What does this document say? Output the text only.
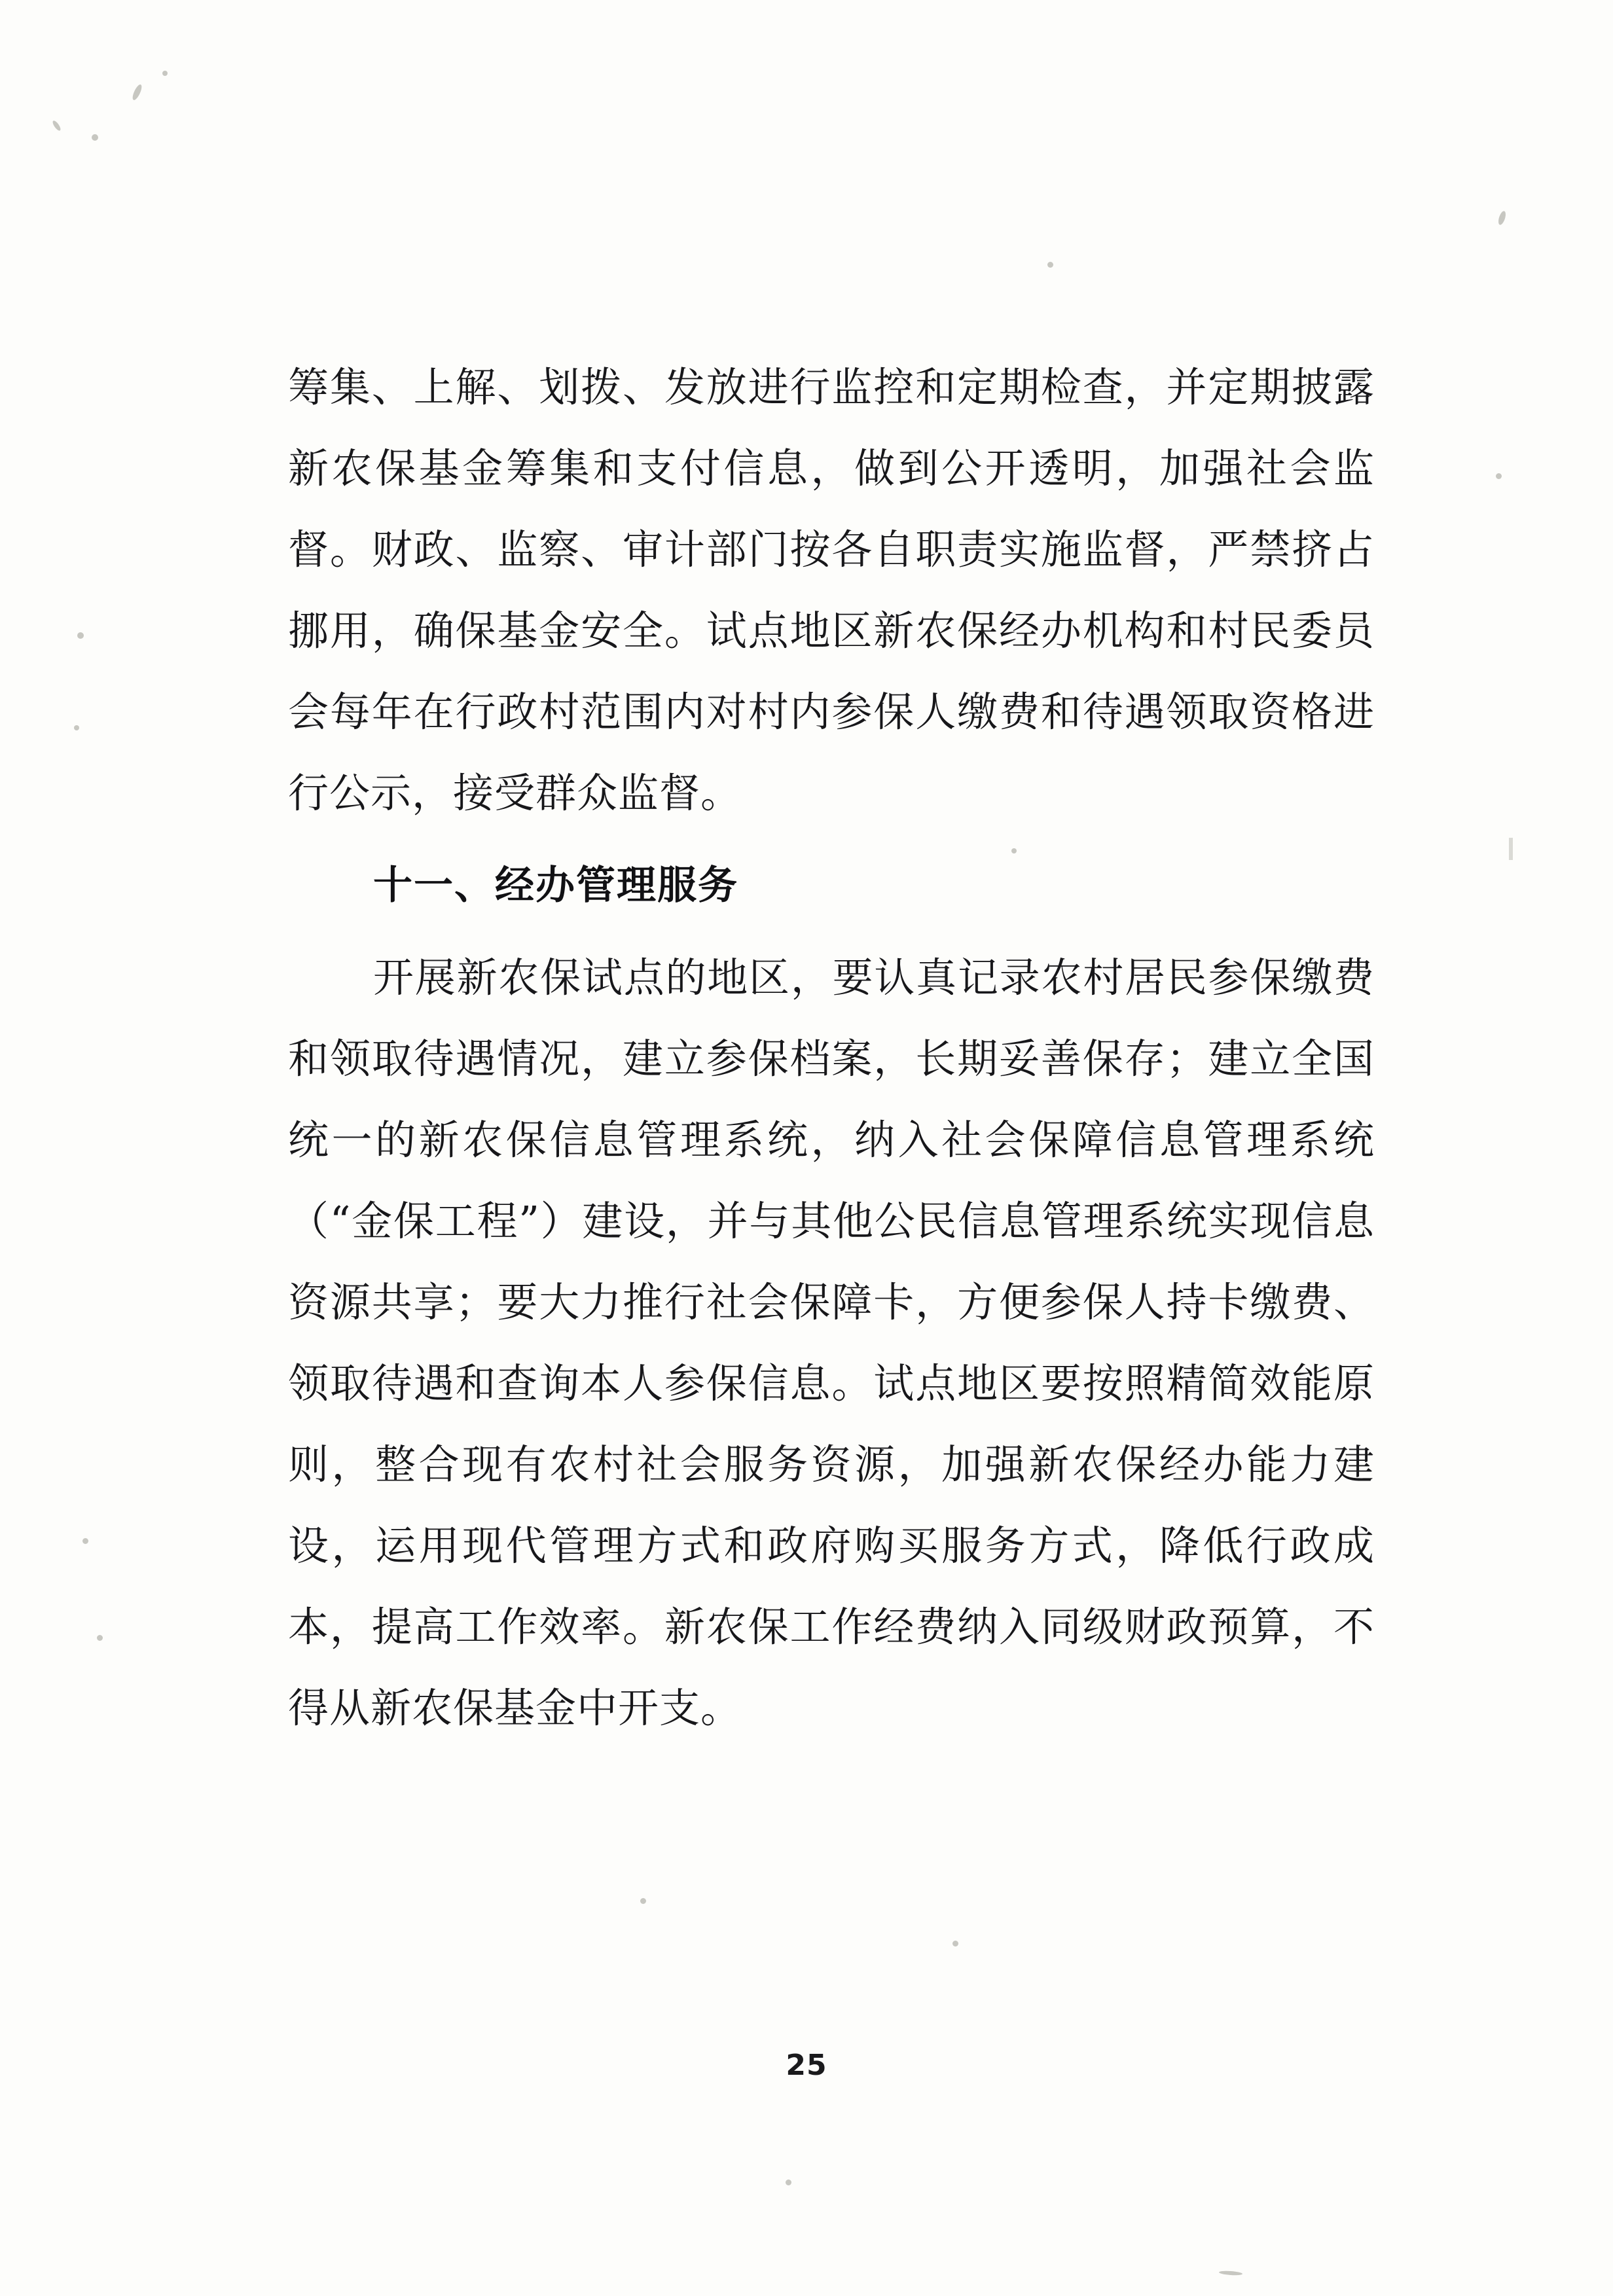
筹集、上解、划拨、发放进行监控和定期检查，并定期披露新农保基金筹集和支付信息，做到公开透明，加强社会监督。财政、监察、审计部门按各自职责实施监督，严禁挤占挪用，确保基金安全。试点地区新农保经办机构和村民委员会每年在行政村范围内对村内参保人缴费和待遇领取资格进行公示，接受群众监督。

十一、经办管理服务

开展新农保试点的地区，要认真记录农村居民参保缴费和领取待遇情况，建立参保档案，长期妥善保存；建立全国统一的新农保信息管理系统，纳入社会保障信息管理系统（“金保工程”）建设，并与其他公民信息管理系统实现信息资源共享；要大力推行社会保障卡，方便参保人持卡缴费、领取待遇和查询本人参保信息。试点地区要按照精简效能原则，整合现有农村社会服务资源，加强新农保经办能力建设，运用现代管理方式和政府购买服务方式，降低行政成本，提高工作效率。新农保工作经费纳入同级财政预算，不得从新农保基金中开支。

25
